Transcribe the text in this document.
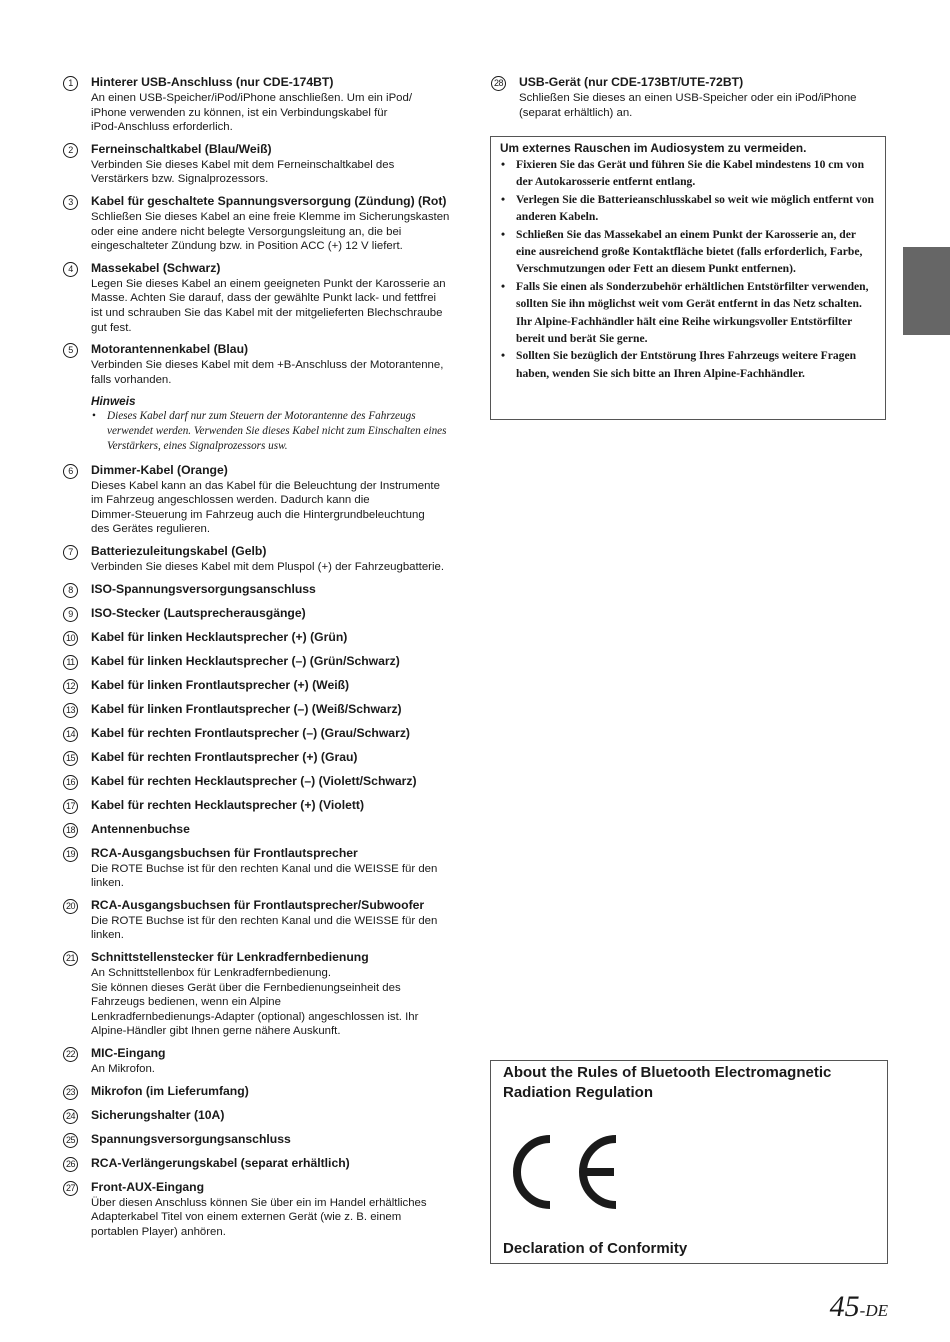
1	Hinterer USB-Anschluss (nur CDE-174BT)
An einen USB-Speicher/iPod/iPhone anschließen. Um ein iPod/
iPhone verwenden zu können, ist ein Verbindungskabel für
iPod-Anschluss erforderlich.
2	Ferneinschaltkabel (Blau/Weiß)
Verbinden Sie dieses Kabel mit dem Ferneinschaltkabel des
Verstärkers bzw. Signalprozessors.
3	Kabel für geschaltete Spannungsversorgung (Zündung) (Rot)
Schließen Sie dieses Kabel an eine freie Klemme im Sicherungskasten
oder eine andere nicht belegte Versorgungsleitung an, die bei
eingeschalteter Zündung bzw. in Position ACC (+) 12 V liefert.
4	Massekabel (Schwarz)
Legen Sie dieses Kabel an einem geeigneten Punkt der Karosserie an
Masse. Achten Sie darauf, dass der gewählte Punkt lack- und fettfrei
ist und schrauben Sie das Kabel mit der mitgelieferten Blechschraube
gut fest.
5	Motorantennenkabel (Blau)
Verbinden Sie dieses Kabel mit dem +B-Anschluss der Motorantenne,
falls vorhanden.
Hinweis
• Dieses Kabel darf nur zum Steuern der Motorantenne des Fahrzeugs verwendet werden. Verwenden Sie dieses Kabel nicht zum Einschalten eines Verstärkers, eines Signalprozessors usw.
6	Dimmer-Kabel (Orange)
Dieses Kabel kann an das Kabel für die Beleuchtung der Instrumente
im Fahrzeug angeschlossen werden. Dadurch kann die
Dimmer-Steuerung im Fahrzeug auch die Hintergrundbeleuchtung
des Gerätes regulieren.
7	Batteriezuleitungskabel (Gelb)
Verbinden Sie dieses Kabel mit dem Pluspol (+) der Fahrzeugbatterie.
8	ISO-Spannungsversorgungsanschluss
9	ISO-Stecker (Lautsprecherausgänge)
10 Kabel für linken Hecklautsprecher (+) (Grün)
11 Kabel für linken Hecklautsprecher (–) (Grün/Schwarz)
12 Kabel für linken Frontlautsprecher (+) (Weiß)
13 Kabel für linken Frontlautsprecher (–) (Weiß/Schwarz)
14 Kabel für rechten Frontlautsprecher (–) (Grau/Schwarz)
15 Kabel für rechten Frontlautsprecher (+) (Grau)
16 Kabel für rechten Hecklautsprecher (–) (Violett/Schwarz)
17 Kabel für rechten Hecklautsprecher (+) (Violett)
18 Antennenbuchse
19 RCA-Ausgangsbuchsen für Frontlautsprecher
Die ROTE Buchse ist für den rechten Kanal und die WEISSE für den
linken.
20 RCA-Ausgangsbuchsen für Frontlautsprecher/Subwoofer
Die ROTE Buchse ist für den rechten Kanal und die WEISSE für den
linken.
21 Schnittstellenstecker für Lenkradfernbedienung
An Schnittstellenbox für Lenkradfernbedienung.
Sie können dieses Gerät über die Fernbedienungseinheit des
Fahrzeugs bedienen, wenn ein Alpine
Lenkradfernbedienungs-Adapter (optional) angeschlossen ist. Ihr
Alpine-Händler gibt Ihnen gerne nähere Auskunft.
22 MIC-Eingang
An Mikrofon.
23 Mikrofon (im Lieferumfang)
24 Sicherungshalter (10A)
25 Spannungsversorgungsanschluss
26 RCA-Verlängerungskabel (separat erhältlich)
27 Front-AUX-Eingang
Über diesen Anschluss können Sie über ein im Handel erhältliches
Adapterkabel Titel von einem externen Gerät (wie z. B. einem
portablen Player) anhören.
28 USB-Gerät (nur CDE-173BT/UTE-72BT)
Schließen Sie dieses an einen USB-Speicher oder ein iPod/iPhone
(separat erhältlich) an.
Um externes Rauschen im Audiosystem zu vermeiden.
• Fixieren Sie das Gerät und führen Sie die Kabel mindestens 10 cm von der Autokarosserie entfernt entlang.
• Verlegen Sie die Batterieanschlusskabel so weit wie möglich entfernt von anderen Kabeln.
• Schließen Sie das Massekabel an einem Punkt der Karosserie an, der eine ausreichend große Kontaktfläche bietet (falls erforderlich, Farbe, Verschmutzungen oder Fett an diesem Punkt entfernen).
• Falls Sie einen als Sonderzubehör erhältlichen Entstörfilter verwenden, sollten Sie ihn möglichst weit vom Gerät entfernt in das Netz schalten. Ihr Alpine-Fachhändler hält eine Reihe wirkungsvoller Entstörfilter bereit und berät Sie gerne.
• Sollten Sie bezüglich der Entstörung Ihres Fahrzeugs weitere Fragen haben, wenden Sie sich bitte an Ihren Alpine-Fachhändler.
About the Rules of Bluetooth Electromagnetic Radiation Regulation
Declaration of Conformity
45-DE
